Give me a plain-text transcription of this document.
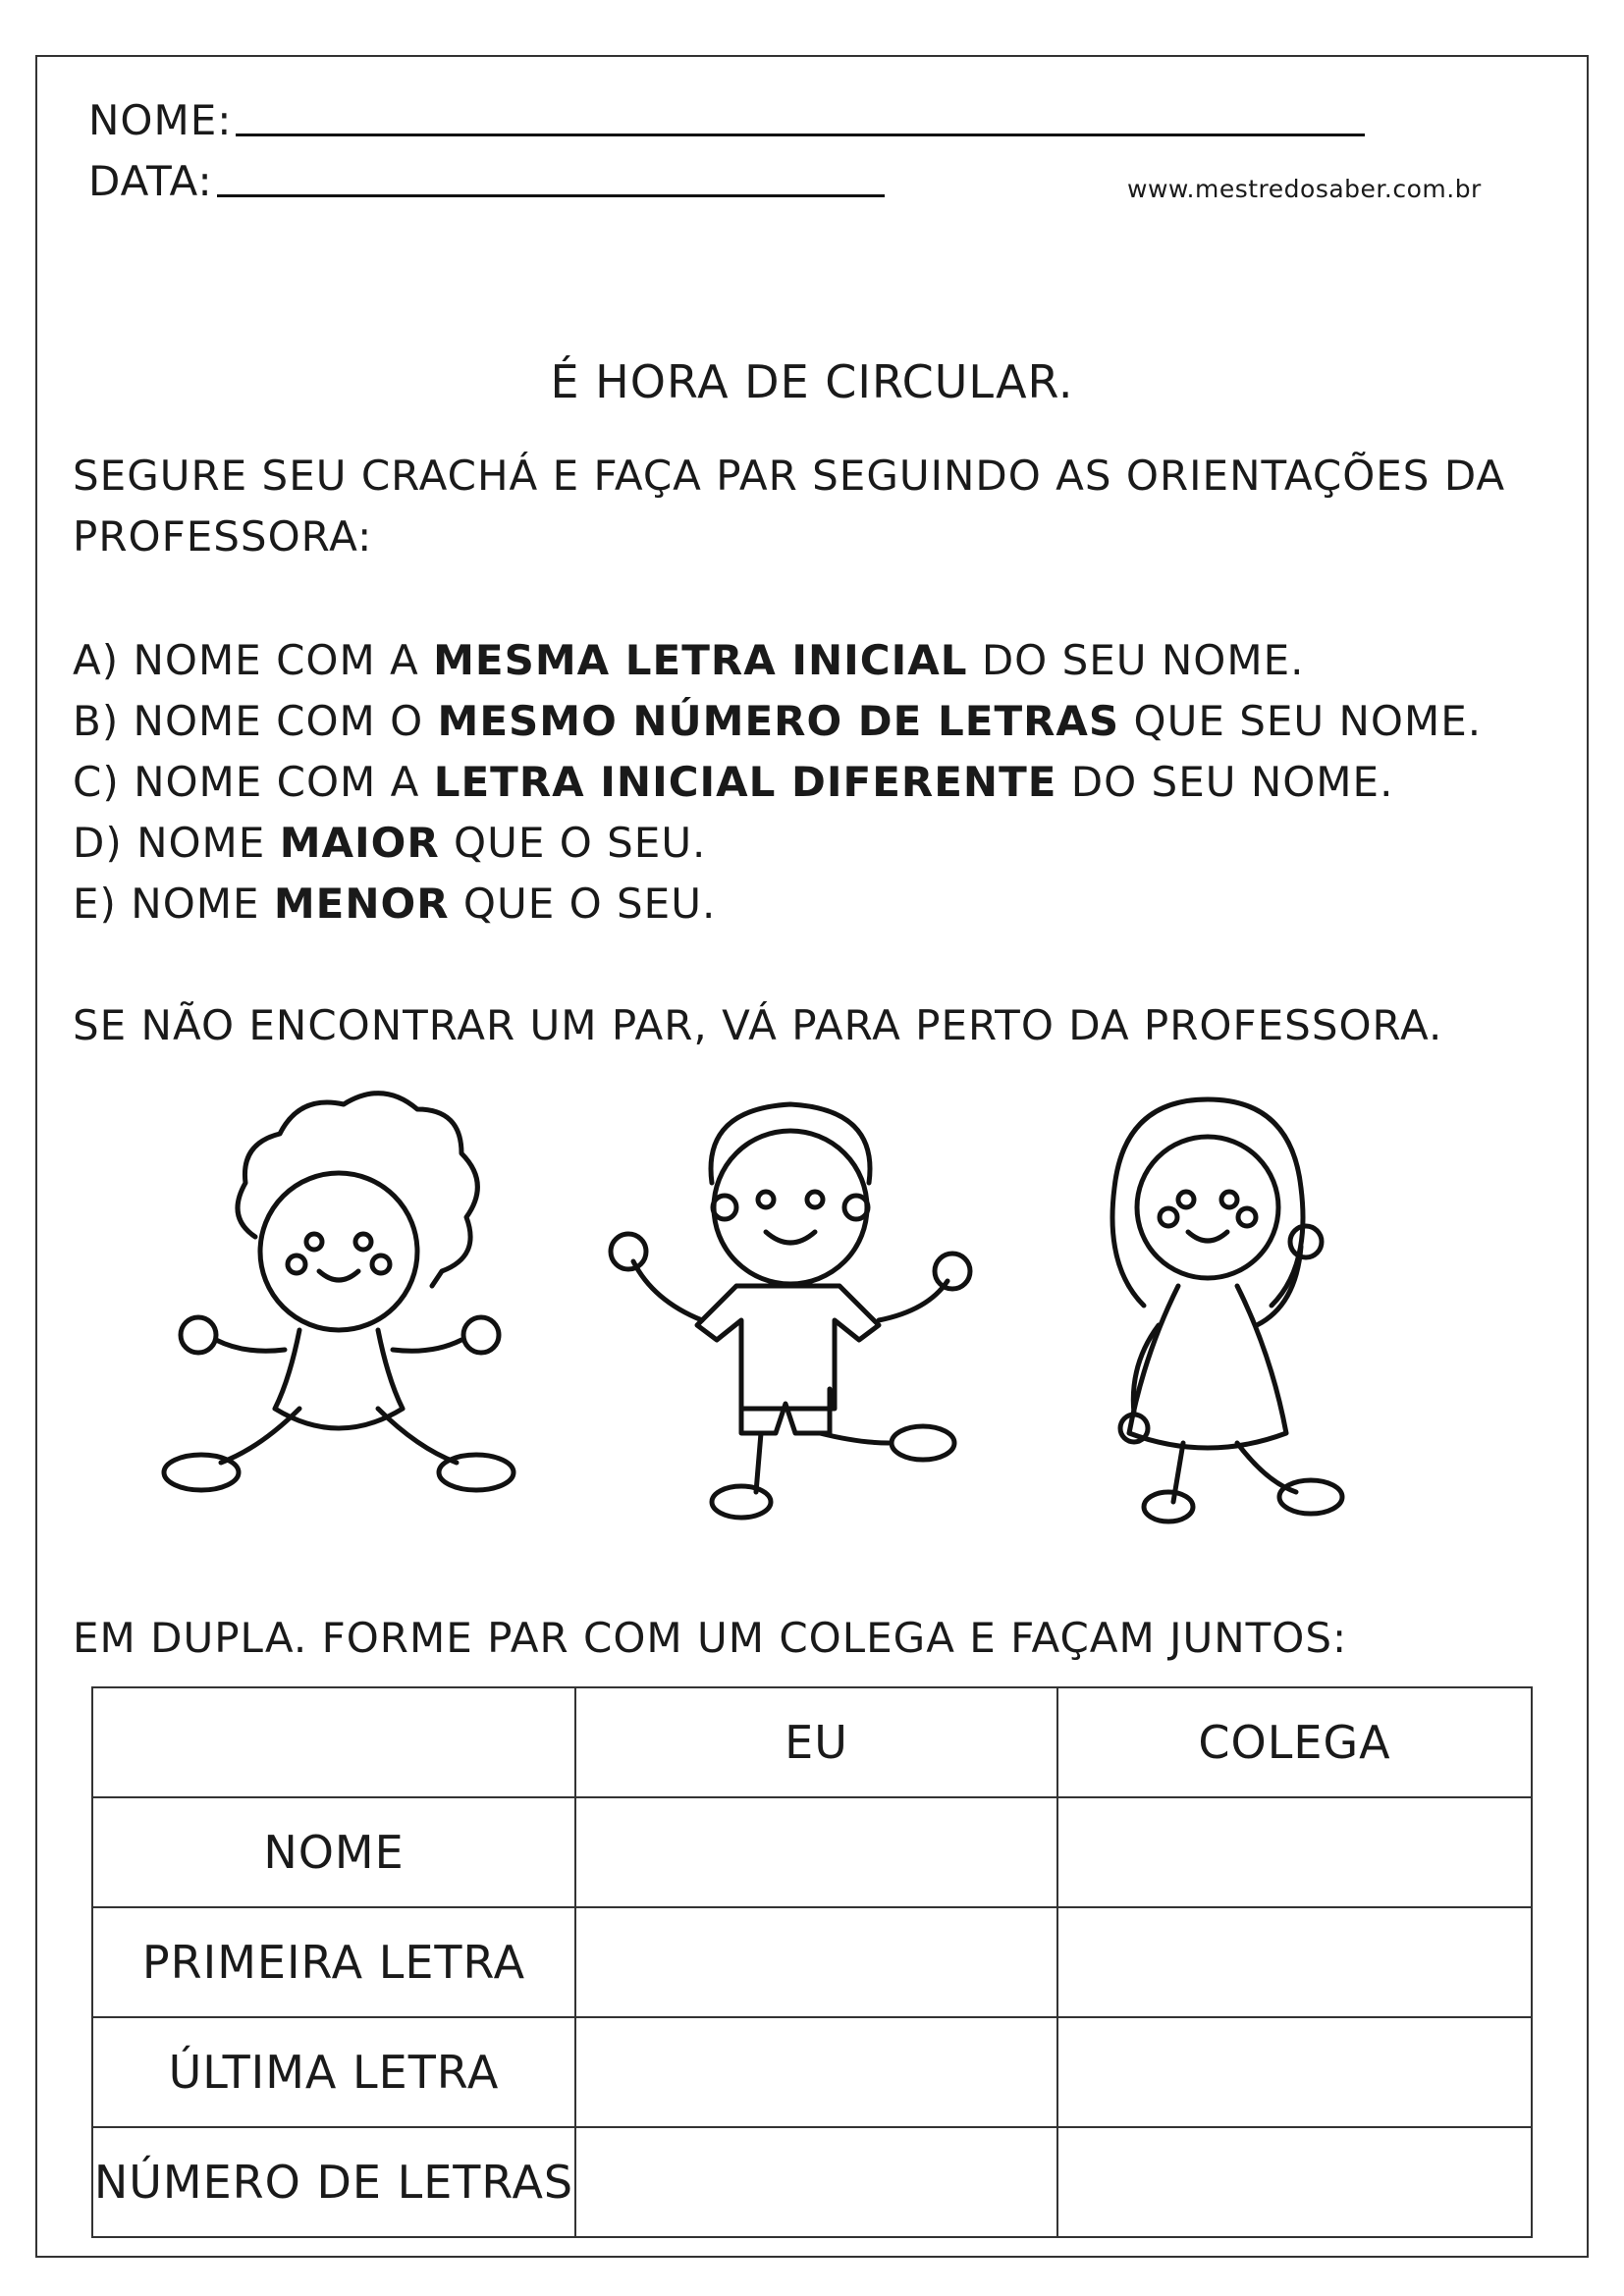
NOME:
DATA:	www.mestredosaber.com.br
É HORA DE CIRCULAR.
SEGURE SEU CRACHÁ E FAÇA PAR SEGUINDO AS ORIENTAÇÕES DA
PROFESSORA:
A) NOME COM A MESMA LETRA INICIAL DO SEU NOME.
B) NOME COM O MESMO NÚMERO DE LETRAS QUE SEU NOME.
C) NOME COM A LETRA INICIAL DIFERENTE DO SEU NOME.
D) NOME MAIOR QUE O SEU.
E) NOME MENOR QUE O SEU.
SE NÃO ENCONTRAR UM PAR, VÁ PARA PERTO DA PROFESSORA.
EM DUPLA. FORME PAR COM UM COLEGA E FAÇAM JUNTOS:
	EU	COLEGA
NOME		
PRIMEIRA LETRA		
ÚLTIMA LETRA		
NÚMERO DE LETRAS		
